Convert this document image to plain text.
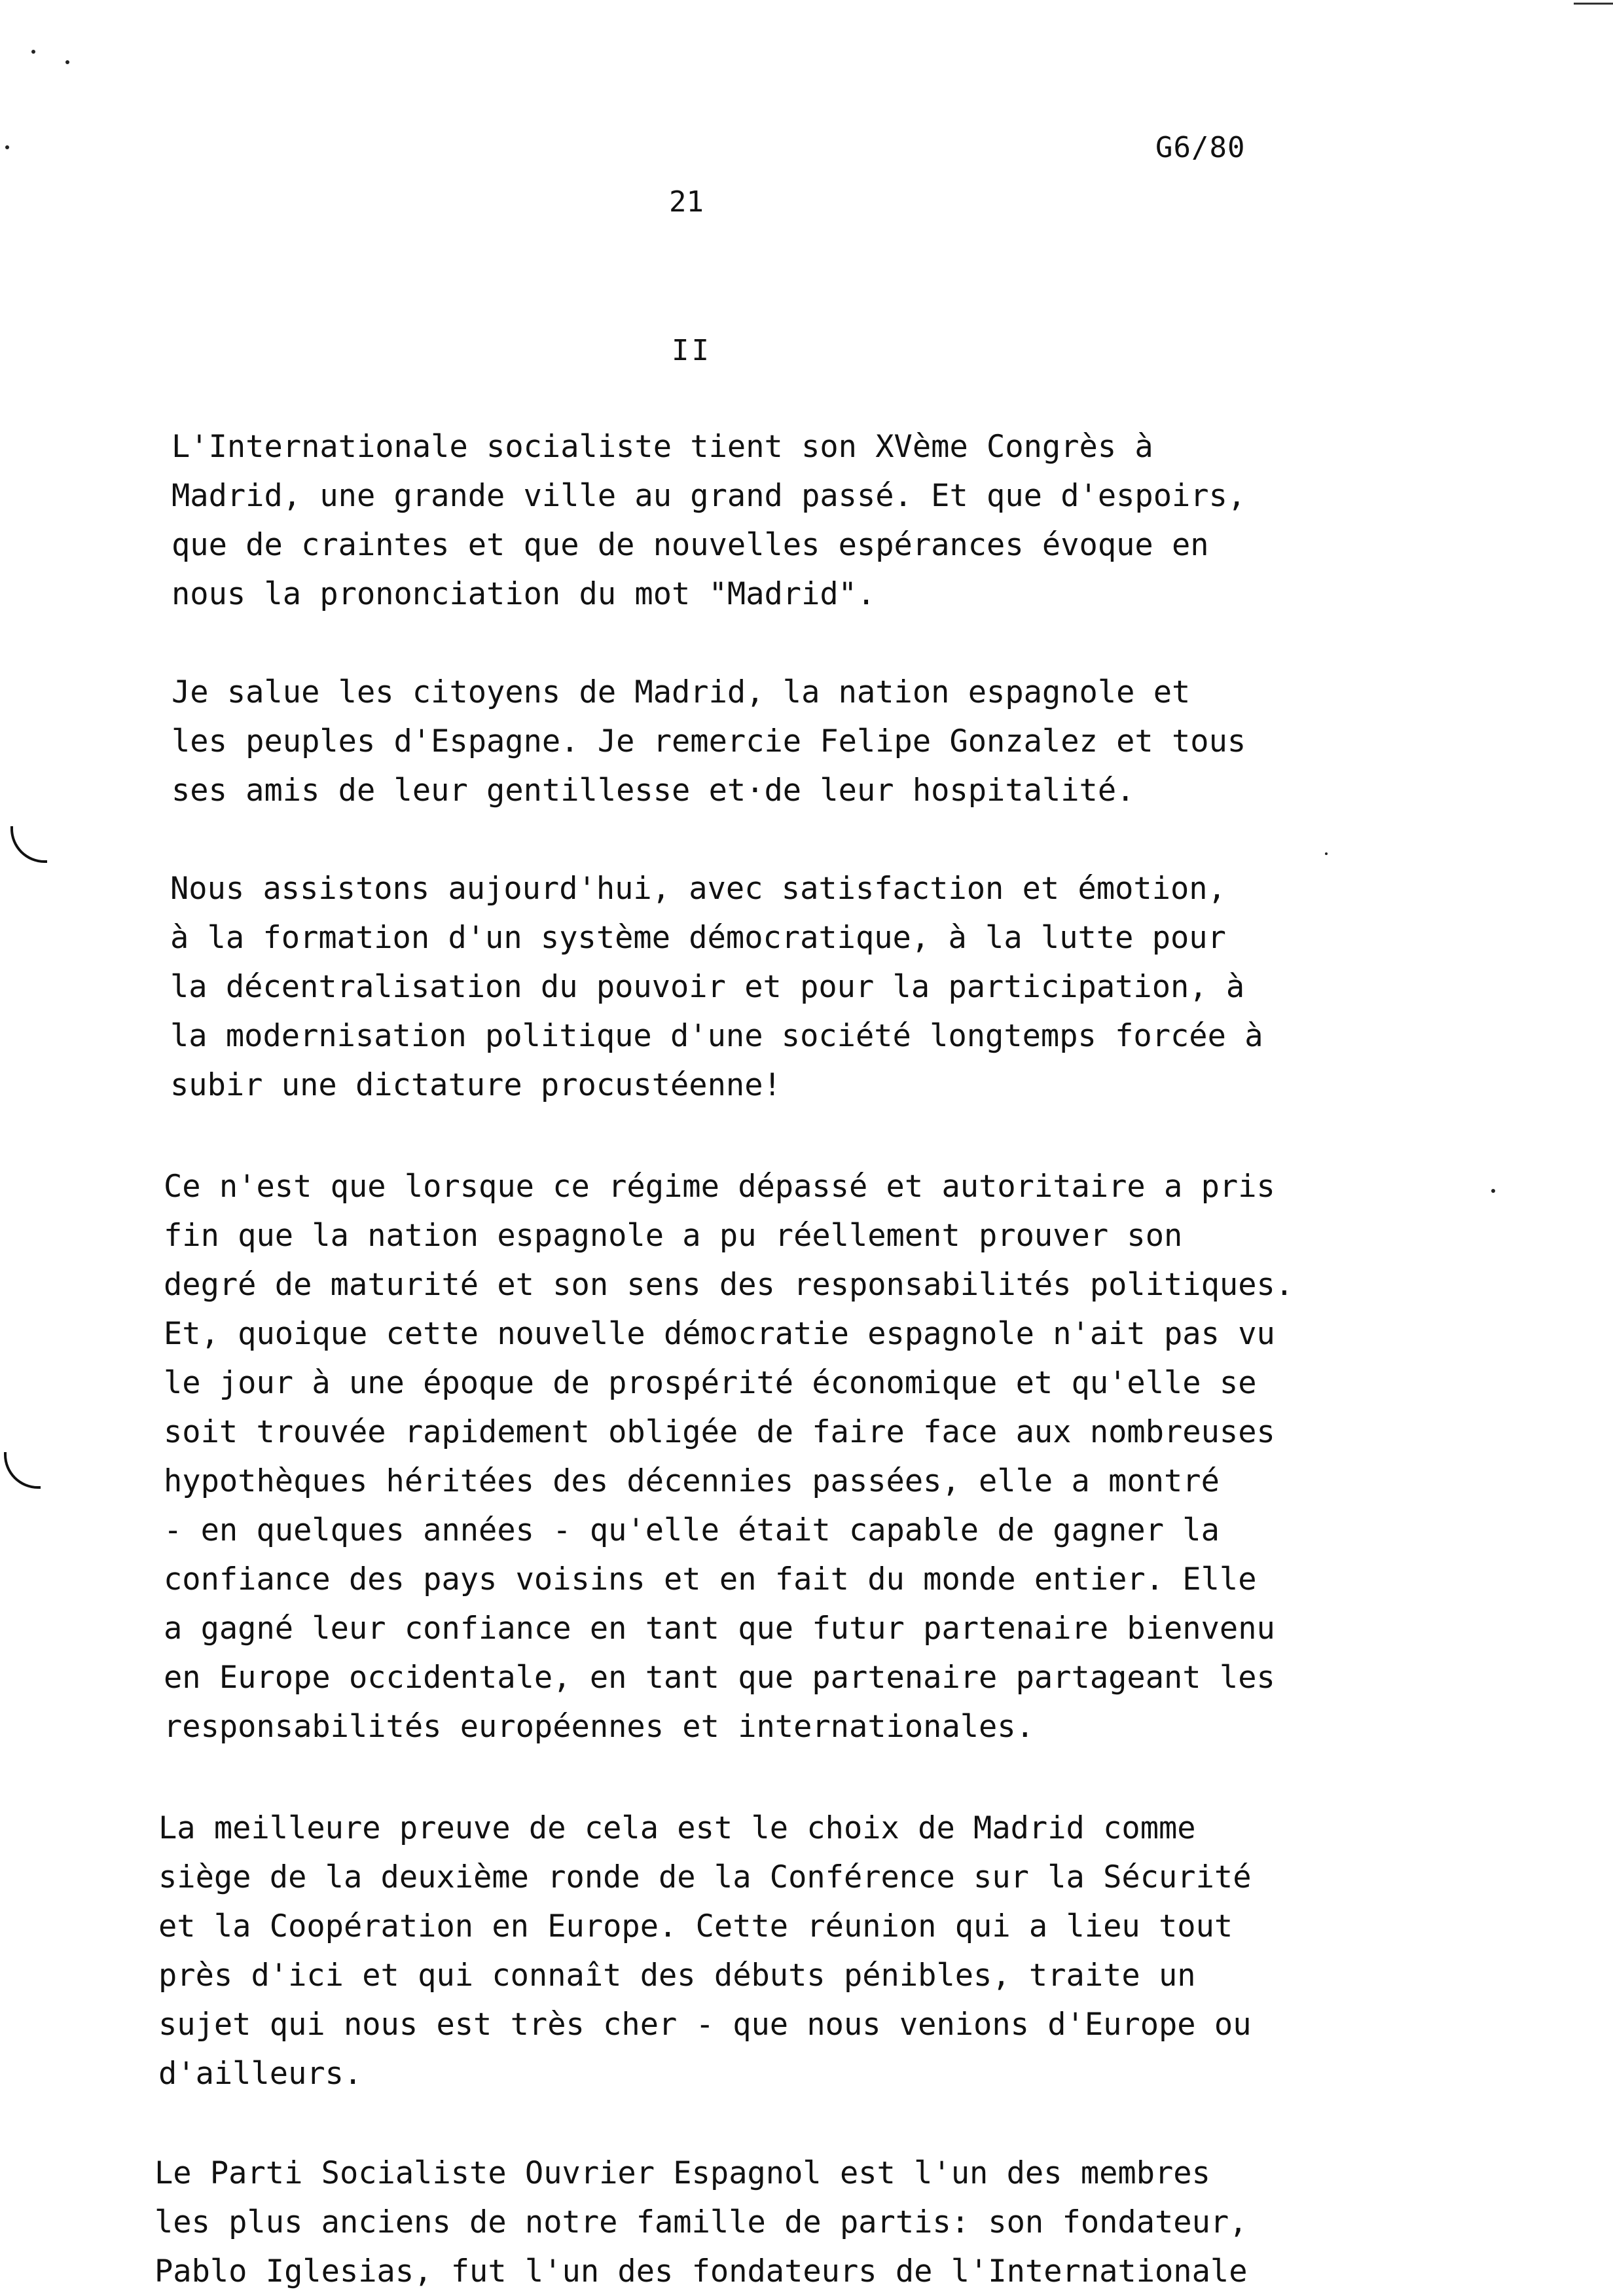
G6/80
21
II

L'Internationale socialiste tient son XVème Congrès à
Madrid, une grande ville au grand passé. Et que d'espoirs,
que de craintes et que de nouvelles espérances évoque en
nous la prononciation du mot "Madrid".

Je salue les citoyens de Madrid, la nation espagnole et
les peuples d'Espagne. Je remercie Felipe Gonzalez et tous
ses amis de leur gentillesse et·de leur hospitalité.

Nous assistons aujourd'hui, avec satisfaction et émotion,
à la formation d'un système démocratique, à la lutte pour
la décentralisation du pouvoir et pour la participation, à
la modernisation politique d'une société longtemps forcée à
subir une dictature procustéenne!

Ce n'est que lorsque ce régime dépassé et autoritaire a pris
fin que la nation espagnole a pu réellement prouver son
degré de maturité et son sens des responsabilités politiques.
Et, quoique cette nouvelle démocratie espagnole n'ait pas vu
le jour à une époque de prospérité économique et qu'elle se
soit trouvée rapidement obligée de faire face aux nombreuses
hypothèques héritées des décennies passées, elle a montré
- en quelques années - qu'elle était capable de gagner la
confiance des pays voisins et en fait du monde entier. Elle
a gagné leur confiance en tant que futur partenaire bienvenu
en Europe occidentale, en tant que partenaire partageant les
responsabilités européennes et internationales.

La meilleure preuve de cela est le choix de Madrid comme
siège de la deuxième ronde de la Conférence sur la Sécurité
et la Coopération en Europe. Cette réunion qui a lieu tout
près d'ici et qui connaît des débuts pénibles, traite un
sujet qui nous est très cher - que nous venions d'Europe ou
d'ailleurs.

Le Parti Socialiste Ouvrier Espagnol est l'un des membres
les plus anciens de notre famille de partis: son fondateur,
Pablo Iglesias, fut l'un des fondateurs de l'Internationale
